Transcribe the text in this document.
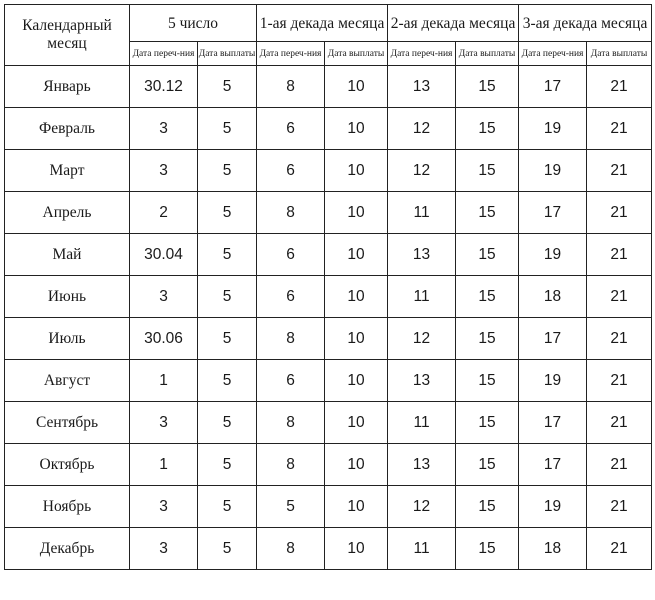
Календарный месяц	5 число		1-ая декада месяца		2-ая декада месяца		3-ая декада месяца	
	Дата переч-ния	Дата выплаты	Дата переч-ния	Дата выплаты	Дата переч-ния	Дата выплаты	Дата переч-ния	Дата выплаты
Январь	30.12	5	8	10	13	15	17	21
Февраль	3	5	6	10	12	15	19	21
Март	3	5	6	10	12	15	19	21
Апрель	2	5	8	10	11	15	17	21
Май	30.04	5	6	10	13	15	19	21
Июнь	3	5	6	10	11	15	18	21
Июль	30.06	5	8	10	12	15	17	21
Август	1	5	6	10	13	15	19	21
Сентябрь	3	5	8	10	11	15	17	21
Октябрь	1	5	8	10	13	15	17	21
Ноябрь	3	5	5	10	12	15	19	21
Декабрь	3	5	8	10	11	15	18	21
